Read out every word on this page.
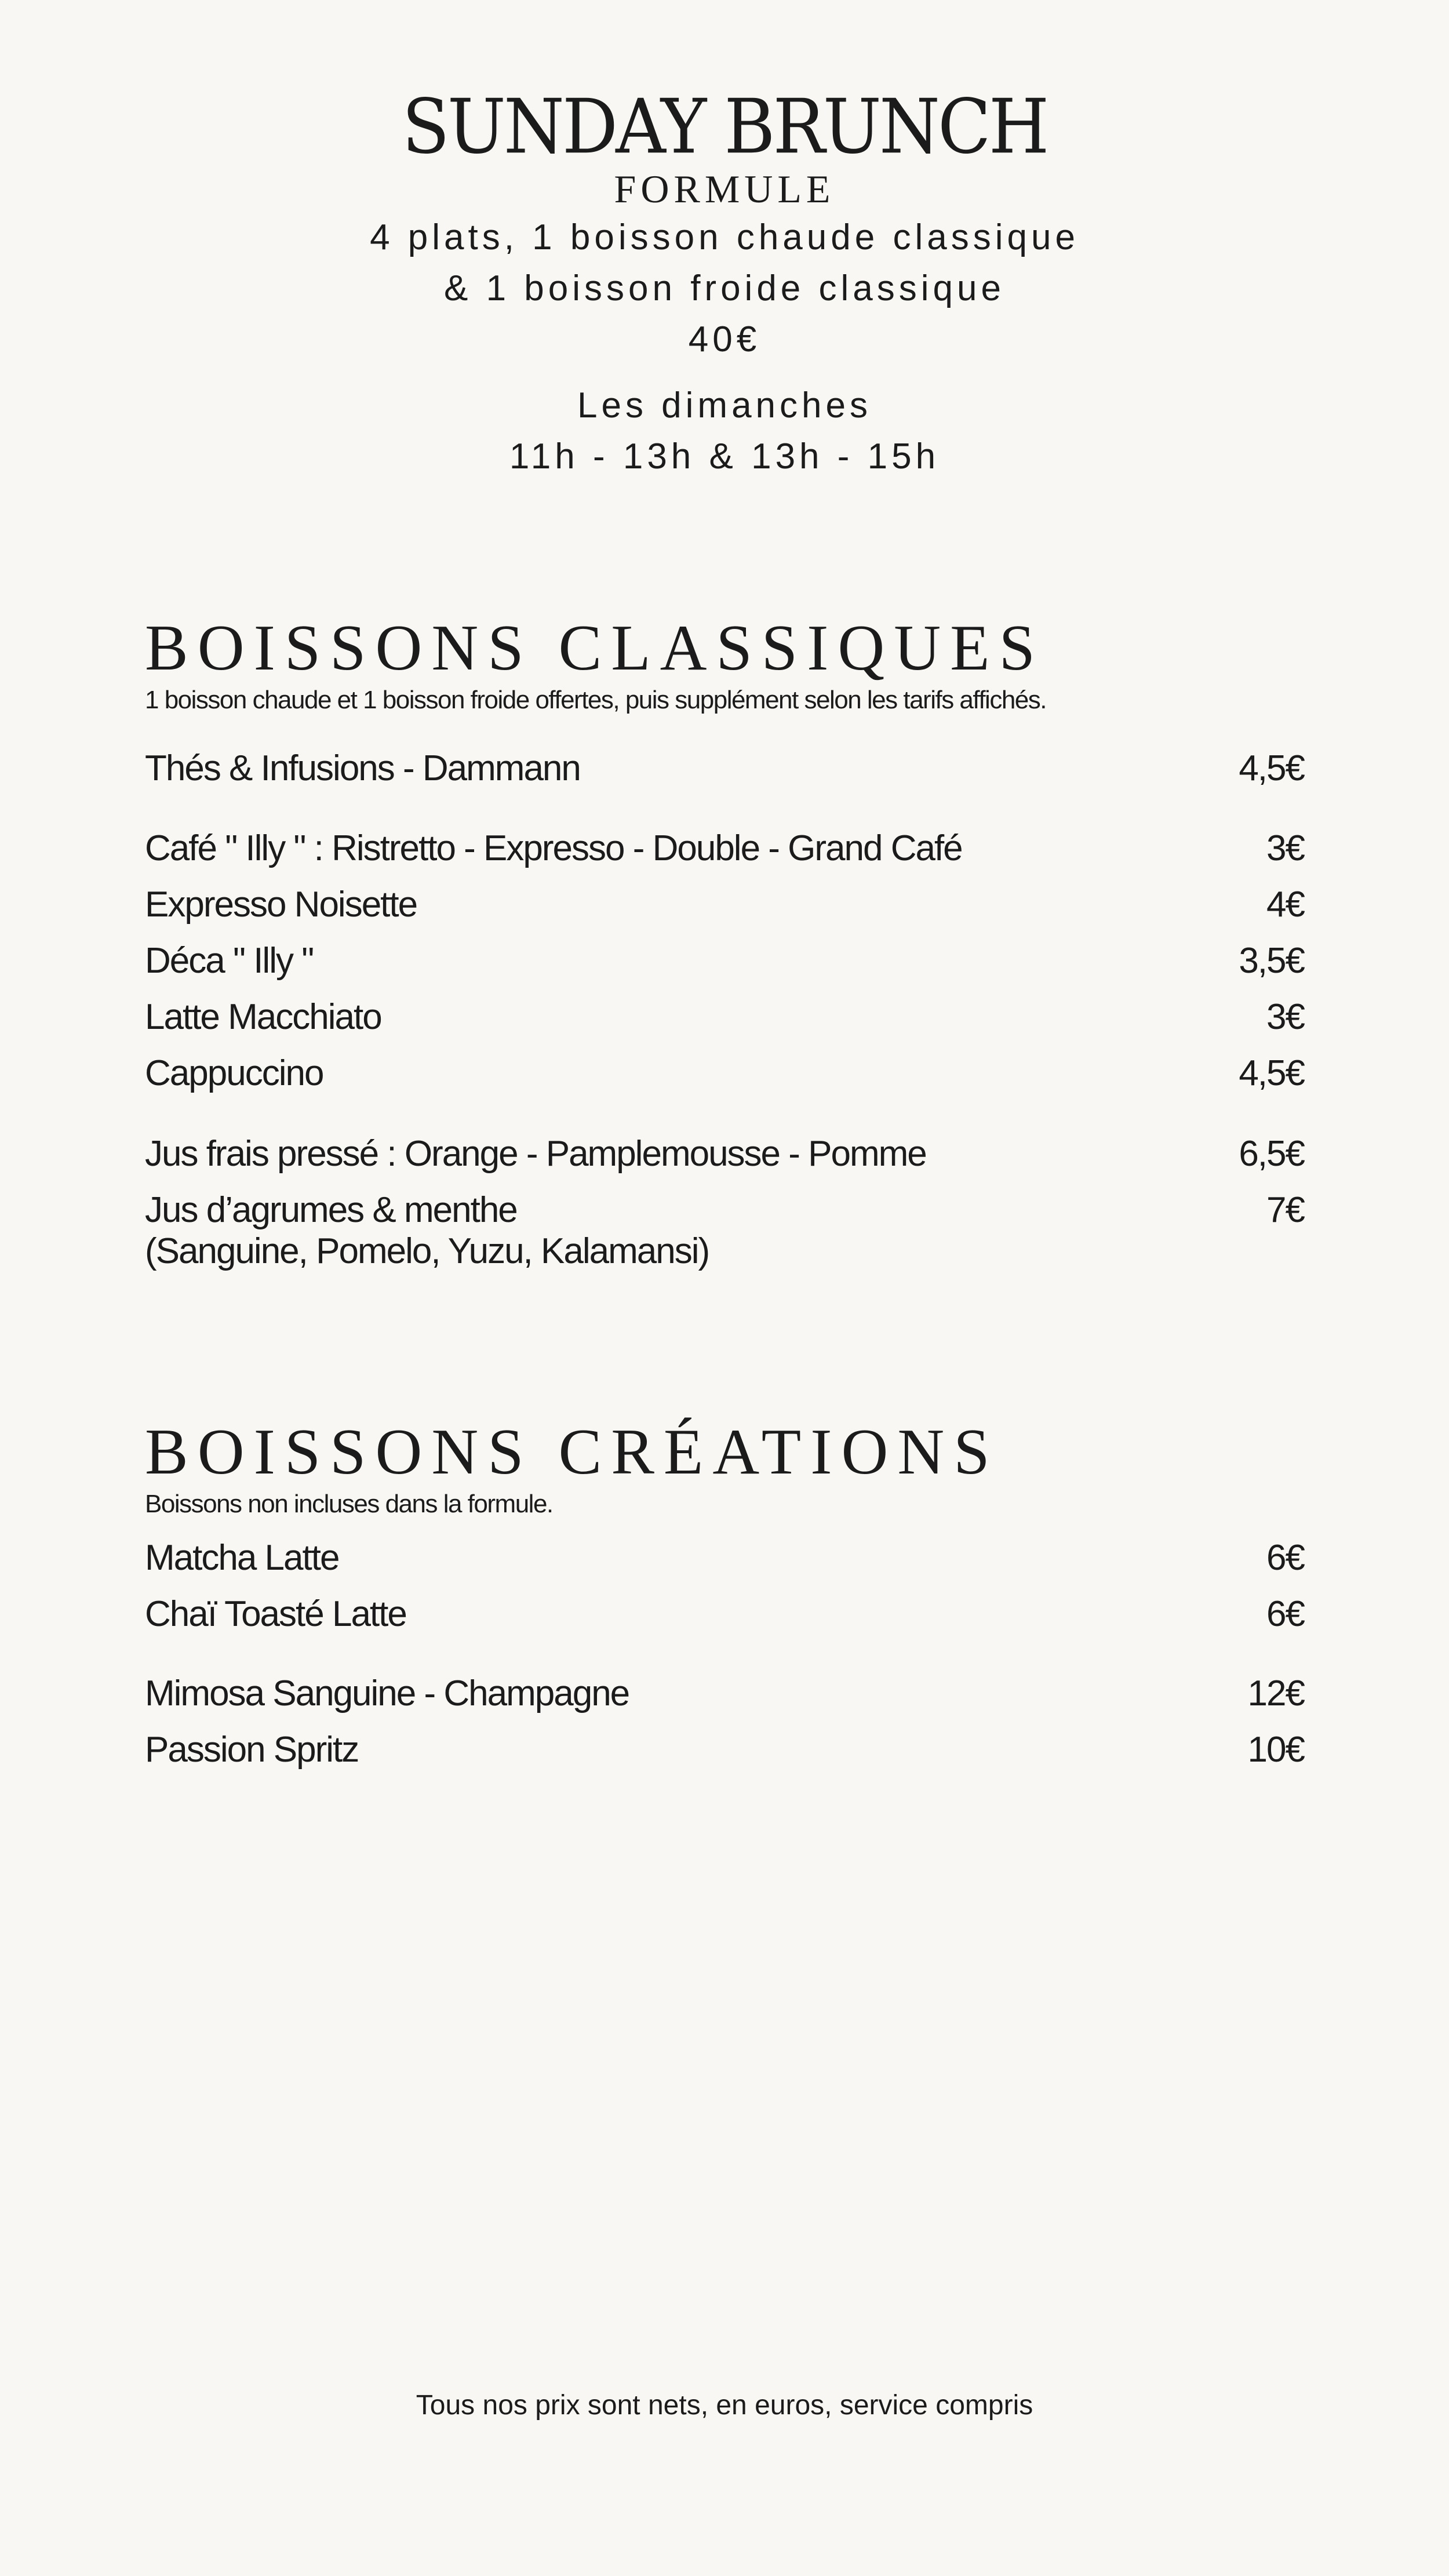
SUNDAY BRUNCH
FORMULE
4 plats, 1 boisson chaude classique
& 1 boisson froide classique
40€
Les dimanches
11h - 13h & 13h - 15h
BOISSONS CLASSIQUES
1 boisson chaude et 1 boisson froide offertes, puis supplément selon les tarifs affichés.
Thés & Infusions - Dammann	4,5€
Café " Illy " : Ristretto - Expresso - Double - Grand Café	3€
Expresso Noisette	4€
Déca " Illy "	3,5€
Latte Macchiato	3€
Cappuccino	4,5€
Jus frais pressé : Orange - Pamplemousse - Pomme	6,5€
Jus d’agrumes & menthe
(Sanguine, Pomelo, Yuzu, Kalamansi)
7€
BOISSONS CRÉATIONS
Boissons non incluses dans la formule.
Matcha Latte	6€
Chaï Toasté Latte	6€
Mimosa Sanguine - Champagne	12€
Passion Spritz	10€
Tous nos prix sont nets, en euros, service compris
